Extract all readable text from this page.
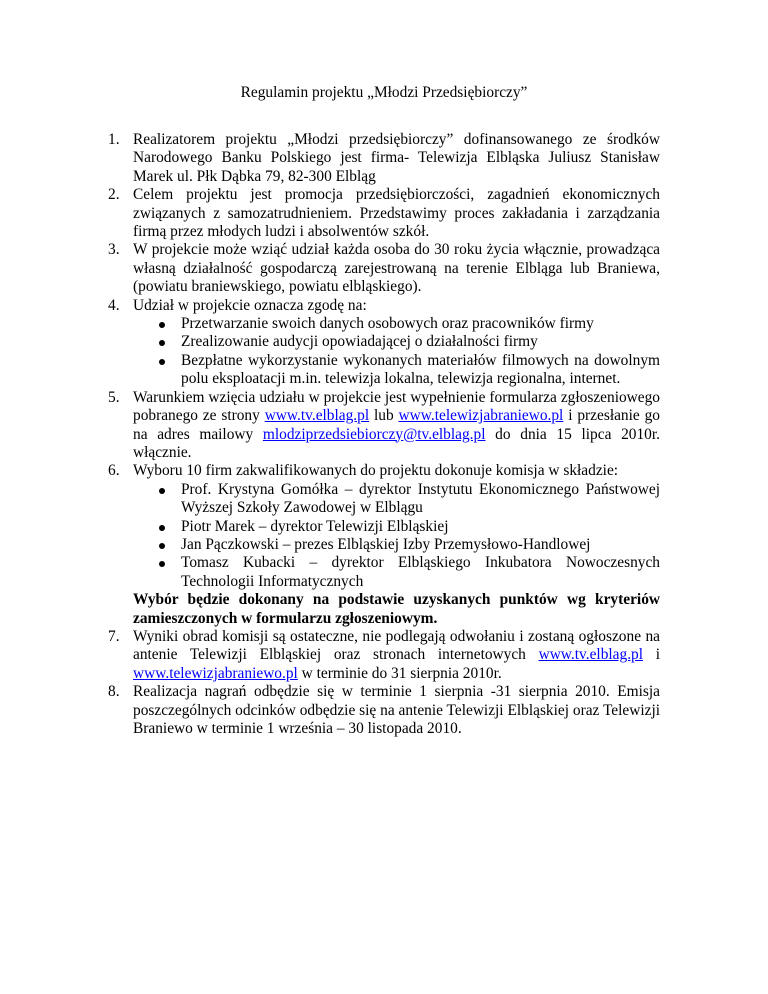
Regulamin projektu „Młodzi Przedsiębiorczy”
1. Realizatorem projektu „Młodzi przedsiębiorczy” dofinansowanego ze środków Narodowego Banku Polskiego jest firma- Telewizja Elbląska Juliusz Stanisław Marek ul. Płk Dąbka 79, 82-300 Elbląg
2. Celem projektu jest promocja przedsiębiorczości, zagadnień ekonomicznych związanych z samozatrudnieniem. Przedstawimy proces zakładania i zarządzania firmą przez młodych ludzi i absolwentów szkół.
3. W projekcie może wziąć udział każda osoba do 30 roku życia włącznie, prowadząca własną działalność gospodarczą zarejestrowaną na terenie Elbląga lub Braniewa, (powiatu braniewskiego, powiatu elbląskiego).
4. Udział w projekcie oznacza zgodę na:
Przetwarzanie swoich danych osobowych oraz pracowników firmy
Zrealizowanie audycji opowiadającej o działalności firmy
Bezpłatne wykorzystanie wykonanych materiałów filmowych na dowolnym polu eksploatacji m.in. telewizja lokalna, telewizja regionalna, internet.
5. Warunkiem wzięcia udziału w projekcie jest wypełnienie formularza zgłoszeniowego pobranego ze strony www.tv.elblag.pl lub www.telewizjabraniewo.pl i przesłanie go na adres mailowy mlodziprzedsiebiorczy@tv.elblag.pl do dnia 15 lipca 2010r. włącznie.
6. Wyboru 10 firm zakwalifikowanych do projektu dokonuje komisja w składzie:
Prof. Krystyna Gomółka – dyrektor Instytutu Ekonomicznego Państwowej Wyższej Szkoły Zawodowej w Elblągu
Piotr Marek – dyrektor Telewizji Elbląskiej
Jan Pączkowski – prezes Elbląskiej Izby Przemysłowo-Handlowej
Tomasz Kubacki – dyrektor Elbląskiego Inkubatora Nowoczesnych Technologii Informatycznych
Wybór będzie dokonany na podstawie uzyskanych punktów wg kryteriów zamieszczonych w formularzu zgłoszeniowym.
7. Wyniki obrad komisji są ostateczne, nie podlegają odwołaniu i zostaną ogłoszone na antenie Telewizji Elbląskiej oraz stronach internetowych www.tv.elblag.pl i www.telewizjabraniewo.pl w terminie do 31 sierpnia 2010r.
8. Realizacja nagrań odbędzie się w terminie 1 sierpnia -31 sierpnia 2010. Emisja poszczególnych odcinków odbędzie się na antenie Telewizji Elbląskiej oraz Telewizji Braniewo w terminie 1 września – 30 listopada 2010.
